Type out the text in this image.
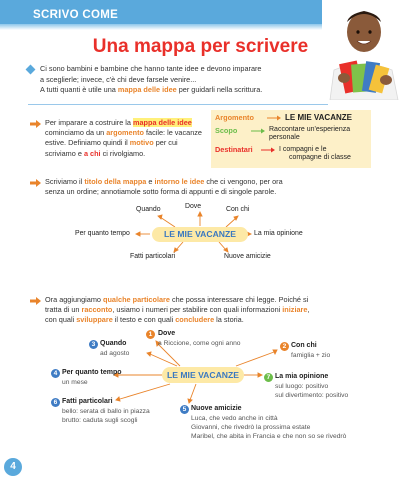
SCRIVO COME
Una mappa per scrivere
Ci sono bambini e bambine che hanno tante idee e devono imparare
a sceglierle; invece, c'è chi deve farsele venire...
A tutti quanti è utile una mappa delle idee per guidarli nella scrittura.
Per imparare a costruire la mappa delle idee
cominciamo da un argomento facile: le vacanze
estive. Definiamo quindi il motivo per cui
scriviamo e a chi ci rivolgiamo.
Argomento	LE MIE VACANZE
Scopo	Raccontare un'esperienza
personale
Destinatari	I compagni e le
compagne di classe
Scriviamo il titolo della mappa e intorno le idee che ci vengono, per ora
senza un ordine; annotiamole sotto forma di appunti e di singole parole.
LE MIE VACANZE
Quando	Dove	Con chi
Per quanto tempo	La mia opinione
Fatti particolari	Nuove amicizie
Ora aggiungiamo qualche particolare che possa interessare chi legge. Poiché si
tratta di un racconto, usiamo i numeri per stabilire con quali informazioni iniziare,
con quali sviluppare il testo e con quali concludere la storia.
LE MIE VACANZE
1 Dove
a Riccione, come ogni anno
3 Quando
ad agosto
2 Con chi
famiglia + zio
4 Per quanto tempo
un mese
7 La mia opinione
sul luogo: positivo
sul divertimento: positivo
6 Fatti particolari
bello: serata di ballo in piazza
brutto: caduta sugli scogli
5 Nuove amicizie
Luca, che vedo anche in città
Giovanni, che rivedrò la prossima estate
Maribel, che abita in Francia e che non so se rivedrò
4
